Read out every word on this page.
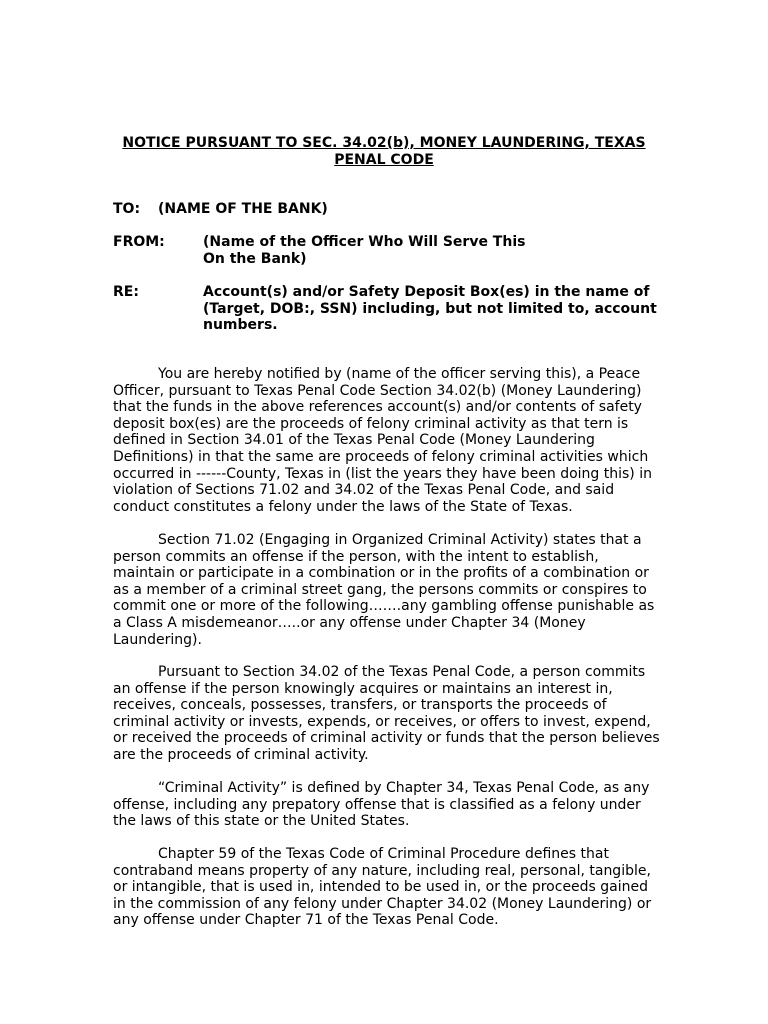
NOTICE PURSUANT TO SEC. 34.02(b), MONEY LAUNDERING, TEXAS
PENAL CODE
TO: (NAME OF THE BANK)
FROM:	(Name of the Officer Who Will Serve This
On the Bank)
RE:	Account(s) and/or Safety Deposit Box(es) in the name of
(Target, DOB:, SSN) including, but not limited to, account
numbers.
You are hereby notified by (name of the officer serving this), a Peace
Officer, pursuant to Texas Penal Code Section 34.02(b) (Money Laundering)
that the funds in the above references account(s) and/or contents of safety
deposit box(es) are the proceeds of felony criminal activity as that tern is
defined in Section 34.01 of the Texas Penal Code (Money Laundering
Definitions) in that the same are proceeds of felony criminal activities which
occurred in ------County, Texas in (list the years they have been doing this) in
violation of Sections 71.02 and 34.02 of the Texas Penal Code, and said
conduct constitutes a felony under the laws of the State of Texas.
Section 71.02 (Engaging in Organized Criminal Activity) states that a
person commits an offense if the person, with the intent to establish,
maintain or participate in a combination or in the profits of a combination or
as a member of a criminal street gang, the persons commits or conspires to
commit one or more of the following…….any gambling offense punishable as
a Class A misdemeanor…..or any offense under Chapter 34 (Money
Laundering).
Pursuant to Section 34.02 of the Texas Penal Code, a person commits
an offense if the person knowingly acquires or maintains an interest in,
receives, conceals, possesses, transfers, or transports the proceeds of
criminal activity or invests, expends, or receives, or offers to invest, expend,
or received the proceeds of criminal activity or funds that the person believes
are the proceeds of criminal activity.
“Criminal Activity” is defined by Chapter 34, Texas Penal Code, as any
offense, including any prepatory offense that is classified as a felony under
the laws of this state or the United States.
Chapter 59 of the Texas Code of Criminal Procedure defines that
contraband means property of any nature, including real, personal, tangible,
or intangible, that is used in, intended to be used in, or the proceeds gained
in the commission of any felony under Chapter 34.02 (Money Laundering) or
any offense under Chapter 71 of the Texas Penal Code.
